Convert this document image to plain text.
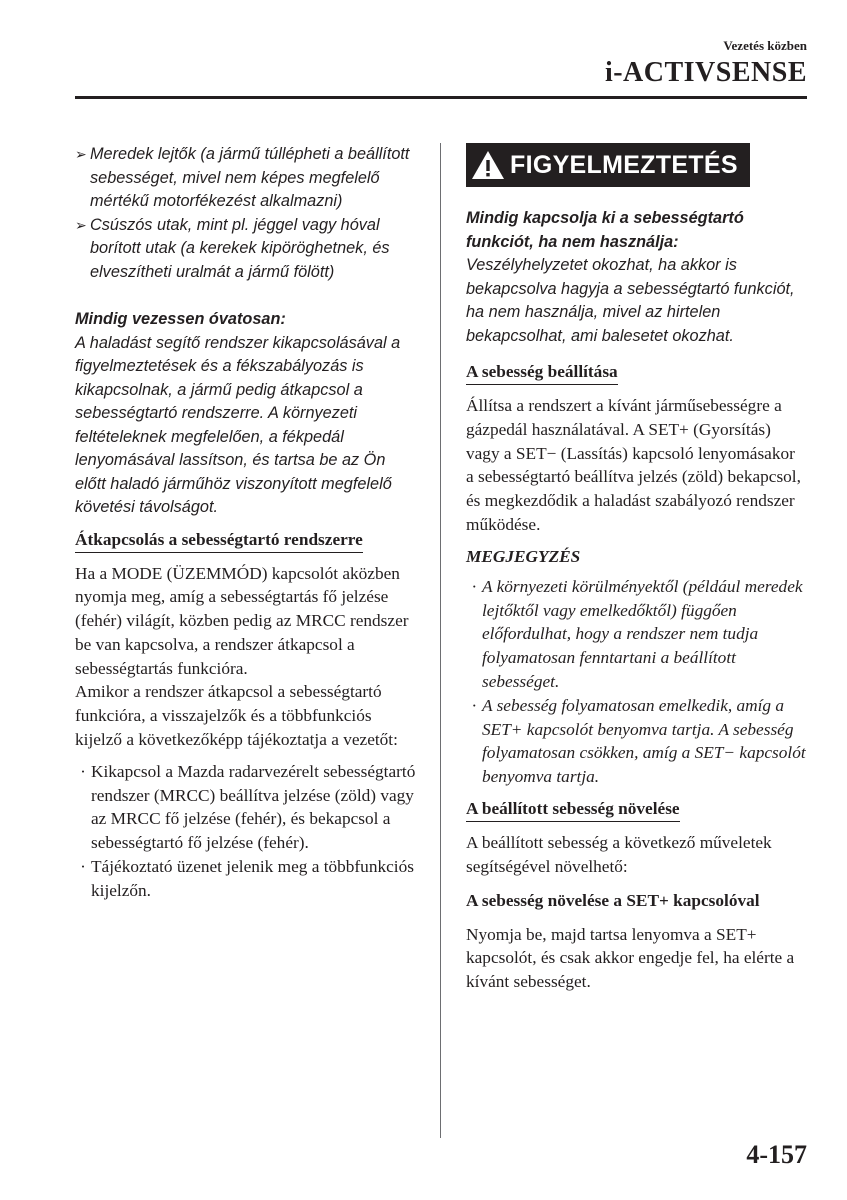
Vezetés közben
i-ACTIVSENSE
➢ Meredek lejtők (a jármű túllépheti a beállított sebességet, mivel nem képes megfelelő mértékű motorfékezést alkalmazni)
➢ Csúszós utak, mint pl. jéggel vagy hóval borított utak (a kerekek kipöröghetnek, és elveszítheti uralmát a jármű fölött)
Mindig vezessen óvatosan:
A haladást segítő rendszer kikapcsolásával a figyelmeztetések és a fékszabályozás is kikapcsolnak, a jármű pedig átkapcsol a sebességtartó rendszerre. A környezeti feltételeknek megfelelően, a fékpedál lenyomásával lassítson, és tartsa be az Ön előtt haladó járműhöz viszonyított megfelelő követési távolságot.
Átkapcsolás a sebességtartó rendszerre
Ha a MODE (ÜZEMMÓD) kapcsolót aközben nyomja meg, amíg a sebességtartás fő jelzése (fehér) világít, közben pedig az MRCC rendszer be van kapcsolva, a rendszer átkapcsol a sebességtartás funkcióra.
Amikor a rendszer átkapcsol a sebességtartó funkcióra, a visszajelzők és a többfunkciós kijelző a következőképp tájékoztatja a vezetőt:
· Kikapcsol a Mazda radarvezérelt sebességtartó rendszer (MRCC) beállítva jelzése (zöld) vagy az MRCC fő jelzése (fehér), és bekapcsol a sebességtartó fő jelzése (fehér).
· Tájékoztató üzenet jelenik meg a többfunkciós kijelzőn.
FIGYELMEZTETÉS
Mindig kapcsolja ki a sebességtartó funkciót, ha nem használja:
Veszélyhelyzetet okozhat, ha akkor is bekapcsolva hagyja a sebességtartó funkciót, ha nem használja, mivel az hirtelen bekapcsolhat, ami balesetet okozhat.
A sebesség beállítása
Állítsa a rendszert a kívánt járműsebességre a gázpedál használatával. A SET+ (Gyorsítás) vagy a SET− (Lassítás) kapcsoló lenyomásakor a sebességtartó beállítva jelzés (zöld) bekapcsol, és megkezdődik a haladást szabályozó rendszer működése.
MEGJEGYZÉS
· A környezeti körülményektől (például meredek lejtőktől vagy emelkedőktől) függően előfordulhat, hogy a rendszer nem tudja folyamatosan fenntartani a beállított sebességet.
· A sebesség folyamatosan emelkedik, amíg a SET+ kapcsolót benyomva tartja. A sebesség folyamatosan csökken, amíg a SET− kapcsolót benyomva tartja.
A beállított sebesség növelése
A beállított sebesség a következő műveletek segítségével növelhető:
A sebesség növelése a SET+ kapcsolóval
Nyomja be, majd tartsa lenyomva a SET+ kapcsolót, és csak akkor engedje fel, ha elérte a kívánt sebességet.
4-157
